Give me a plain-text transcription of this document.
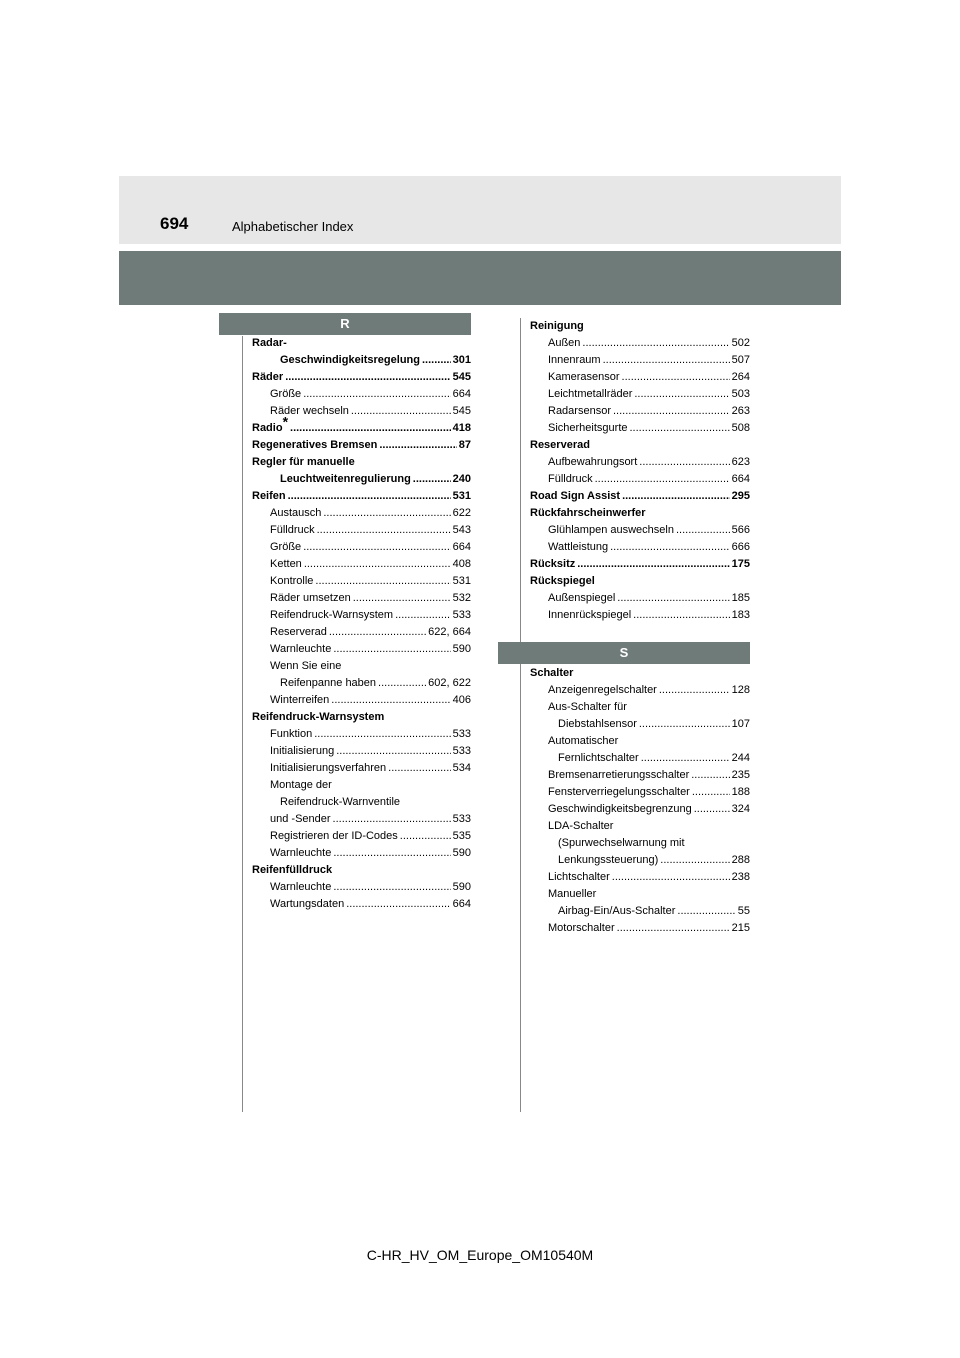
694	Alphabetischer Index
R
S
Radar-
Geschwindigkeitsregelung .....	301
Räder .....	545
Größe .....	664
Räder wechseln .....	545
Radio* .....	418
Regeneratives Bremsen .....	87
Regler für manuelle
Leuchtweitenregulierung .....	240
Reifen .....	531
Austausch .....	622
Fülldruck .....	543
Größe .....	664
Ketten .....	408
Kontrolle .....	531
Räder umsetzen .....	532
Reifendruck-Warnsystem .....	533
Reserverad .....	622, 664
Warnleuchte .....	590
Wenn Sie eine
Reifenpanne haben .....	602, 622
Winterreifen .....	406
Reifendruck-Warnsystem
Funktion .....	533
Initialisierung .....	533
Initialisierungsverfahren .....	534
Montage der
Reifendruck-Warnventile
und -Sender .....	533
Registrieren der ID-Codes .....	535
Warnleuchte .....	590
Reifenfülldruck
Warnleuchte .....	590
Wartungsdaten .....	664
Reinigung
Außen .....	502
Innenraum .....	507
Kamerasensor .....	264
Leichtmetallräder .....	503
Radarsensor .....	263
Sicherheitsgurte .....	508
Reserverad
Aufbewahrungsort .....	623
Fülldruck .....	664
Road Sign Assist .....	295
Rückfahrscheinwerfer
Glühlampen auswechseln .....	566
Wattleistung .....	666
Rücksitz .....	175
Rückspiegel
Außenspiegel .....	185
Innenrückspiegel .....	183
Schalter
Anzeigenregelschalter .....	128
Aus-Schalter für
Diebstahlsensor .....	107
Automatischer
Fernlichtschalter .....	244
Bremsenarretierungsschalter .....	235
Fensterverriegelungsschalter .....	188
Geschwindigkeitsbegrenzung .....	324
LDA-Schalter
(Spurwechselwarnung mit
Lenkungssteuerung) .....	288
Lichtschalter .....	238
Manueller
Airbag-Ein/Aus-Schalter .....	55
Motorschalter .....	215
C-HR_HV_OM_Europe_OM10540M
